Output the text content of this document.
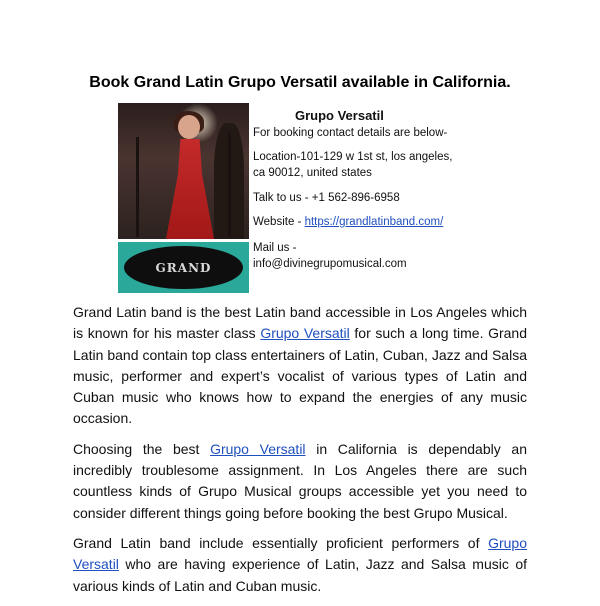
Book Grand Latin Grupo Versatil available in California.
GRAND
Grupo Versatil
For booking contact details are below-
Location-101-129 w 1st st, los angeles,
ca 90012, united states
Talk to us - +1 562-896-6958
Website - https://grandlatinband.com/
Mail us -
info@divinegrupomusical.com

Grand Latin band is the best Latin band accessible in Los Angeles which is known for his master class Grupo Versatil for such a long time. Grand Latin band contain top class entertainers of Latin, Cuban, Jazz and Salsa music, performer and expert’s vocalist of various types of Latin and Cuban music who knows how to expand the energies of any music occasion.

Choosing the best Grupo Versatil in California is dependably an incredibly troublesome assignment. In Los Angeles there are such countless kinds of Grupo Musical groups accessible yet you need to consider different things going before booking the best Grupo Musical.

Grand Latin band include essentially proficient performers of Grupo Versatil who are having experience of Latin, Jazz and Salsa music of various kinds of Latin and Cuban music.
